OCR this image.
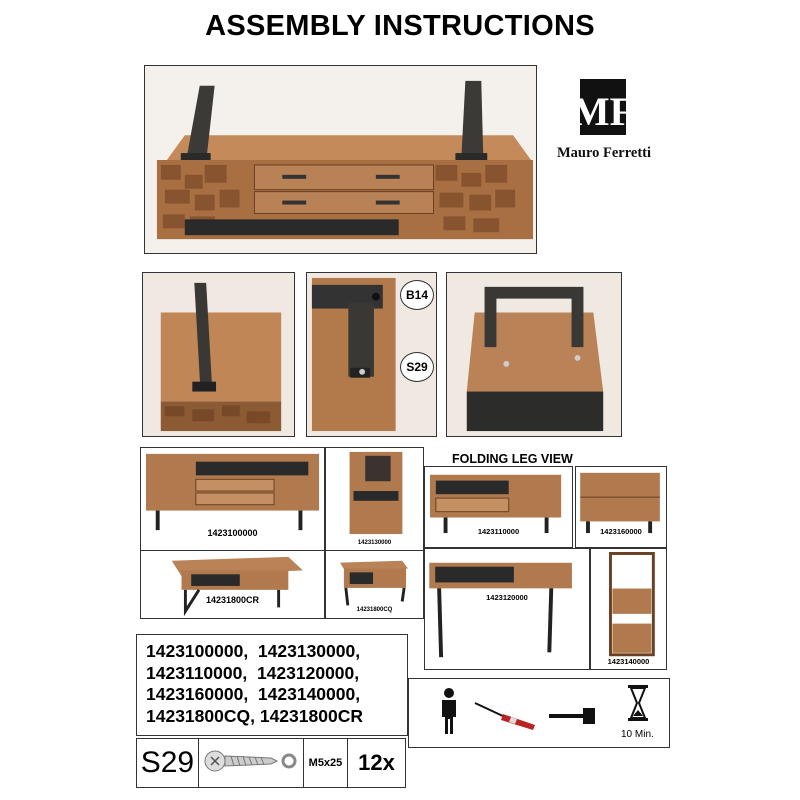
ASSEMBLY INSTRUCTIONS
MF
Mauro Ferretti
B14
S29
1423100000
1423130000
14231800CR
14231800CQ
FOLDING LEG VIEW
1423110000	1423160000
1423120000
1423140000
1423100000,  1423130000,
1423110000,  1423120000,
1423160000,  1423140000,
14231800CQ, 14231800CR
10 Min.
S29	M5x25 12x
